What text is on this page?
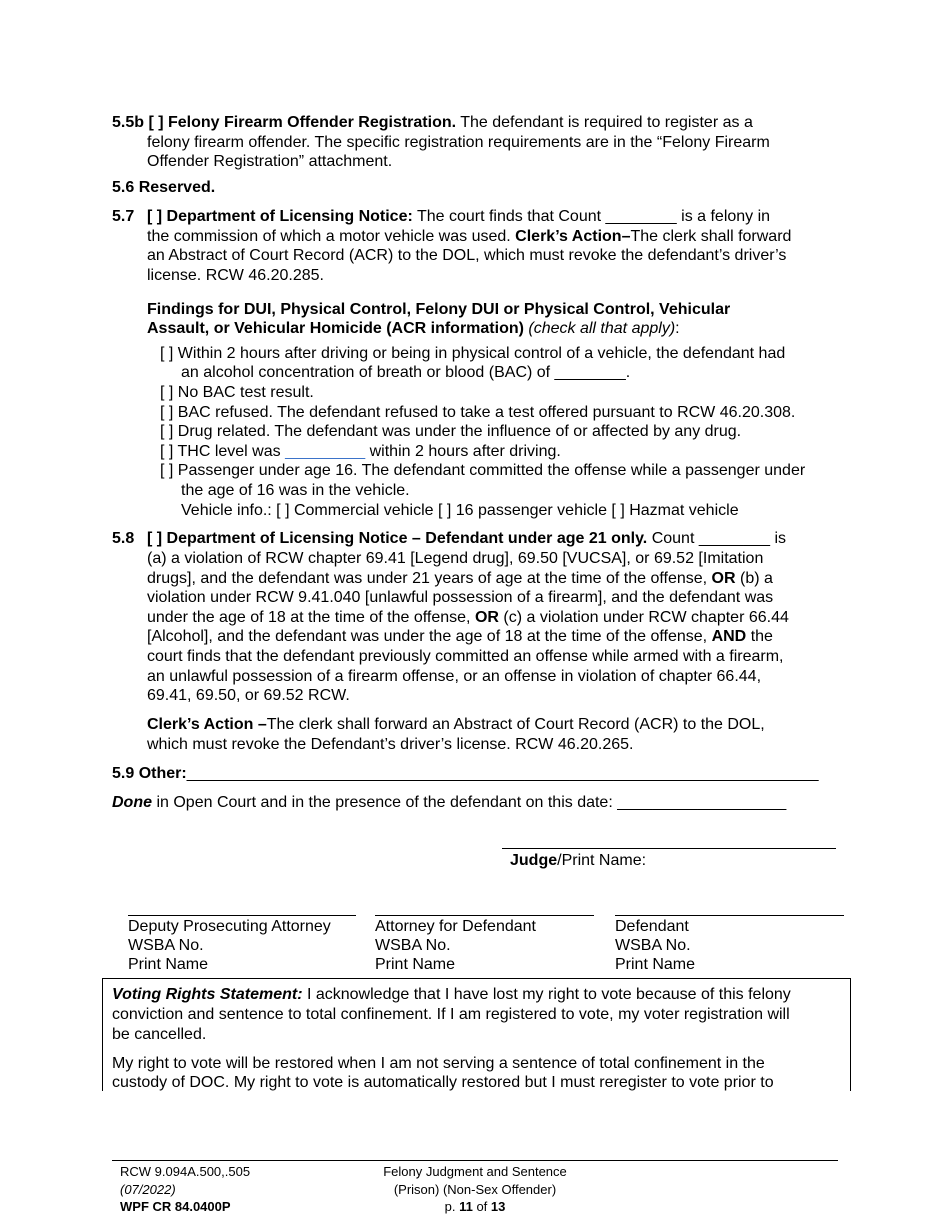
5.5b [ ] Felony Firearm Offender Registration. The defendant is required to register as a
felony firearm offender. The specific registration requirements are in the “Felony Firearm
Offender Registration” attachment.
5.6 Reserved.
5.7 [ ] Department of Licensing Notice: The court finds that Count ________ is a felony in
the commission of which a motor vehicle was used. Clerk’s Action–The clerk shall forward
an Abstract of Court Record (ACR) to the DOL, which must revoke the defendant’s driver’s
license. RCW 46.20.285.
Findings for DUI, Physical Control, Felony DUI or Physical Control, Vehicular
Assault, or Vehicular Homicide (ACR information) (check all that apply):
[ ] Within 2 hours after driving or being in physical control of a vehicle, the defendant had
an alcohol concentration of breath or blood (BAC) of ________.
[ ] No BAC test result.
[ ] BAC refused. The defendant refused to take a test offered pursuant to RCW 46.20.308.
[ ] Drug related. The defendant was under the influence of or affected by any drug.
[ ] THC level was _________ within 2 hours after driving.
[ ] Passenger under age 16. The defendant committed the offense while a passenger under
the age of 16 was in the vehicle.
Vehicle info.: [ ] Commercial vehicle [ ] 16 passenger vehicle [ ] Hazmat vehicle
5.8 [ ] Department of Licensing Notice – Defendant under age 21 only. Count ________ is
(a) a violation of RCW chapter 69.41 [Legend drug], 69.50 [VUCSA], or 69.52 [Imitation
drugs], and the defendant was under 21 years of age at the time of the offense, OR (b) a
violation under RCW 9.41.040 [unlawful possession of a firearm], and the defendant was
under the age of 18 at the time of the offense, OR (c) a violation under RCW chapter 66.44
[Alcohol], and the defendant was under the age of 18 at the time of the offense, AND the
court finds that the defendant previously committed an offense while armed with a firearm,
an unlawful possession of a firearm offense, or an offense in violation of chapter 66.44,
69.41, 69.50, or 69.52 RCW.
Clerk’s Action –The clerk shall forward an Abstract of Court Record (ACR) to the DOL,
which must revoke the Defendant’s driver’s license. RCW 46.20.265.
5.9 Other:_______________________________________________________________________
Done in Open Court and in the presence of the defendant on this date: ___________________
Judge/Print Name:
Deputy Prosecuting Attorney
WSBA No.
Print Name
Attorney for Defendant
WSBA No.
Print Name
Defendant
WSBA No.
Print Name
Voting Rights Statement: I acknowledge that I have lost my right to vote because of this felony
conviction and sentence to total confinement. If I am registered to vote, my voter registration will
be cancelled.
My right to vote will be restored when I am not serving a sentence of total confinement in the
custody of DOC. My right to vote is automatically restored but I must reregister to vote prior to
RCW 9.094A.500,.505
(07/2022)
WPF CR 84.0400P
Felony Judgment and Sentence
(Prison) (Non-Sex Offender)
p. 11 of 13
